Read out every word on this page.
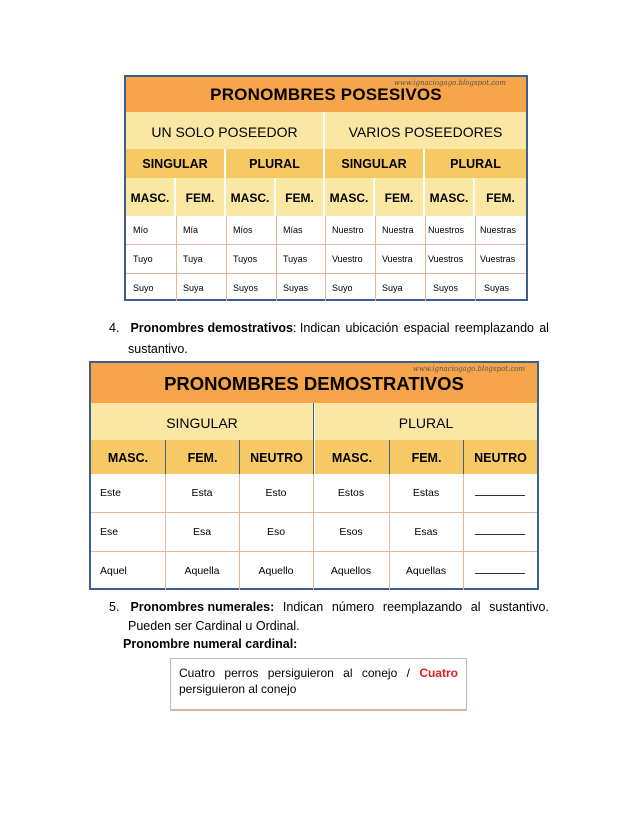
PRONOMBRES POSESIVOS
www.ignaciogago.blogspot.com
UN SOLO POSEEDOR	VARIOS POSEEDORES
SINGULAR	PLURAL	SINGULAR	PLURAL
MASC.	FEM.	MASC.	FEM.	MASC.	FEM.	MASC.	FEM.
Mío	Mía	Míos	Mías	Nuestro	Nuestra	Nuestros	Nuestras
Tuyo	Tuya	Tuyos	Tuyas	Vuestro	Vuestra	Vuestros	Vuestras
Suyo	Suya	Suyos	Suyas	Suyo	Suya	Suyos	Suyas
4. Pronombres demostrativos: Indican ubicación espacial reemplazando al
sustantivo.
PRONOMBRES DEMOSTRATIVOS
www.ignaciogago.blogspot.com
SINGULAR	PLURAL
MASC.	FEM.	NEUTRO	MASC.	FEM.	NEUTRO
Este	Esta	Esto	Estos	Estas
Ese	Esa	Eso	Esos	Esas
Aquel	Aquella	Aquello	Aquellos	Aquellas
5. Pronombres numerales: Indican número reemplazando al sustantivo.
Pueden ser Cardinal u Ordinal.
Pronombre numeral cardinal:
Cuatro perros persiguieron al conejo / Cuatro
persiguieron al conejo
